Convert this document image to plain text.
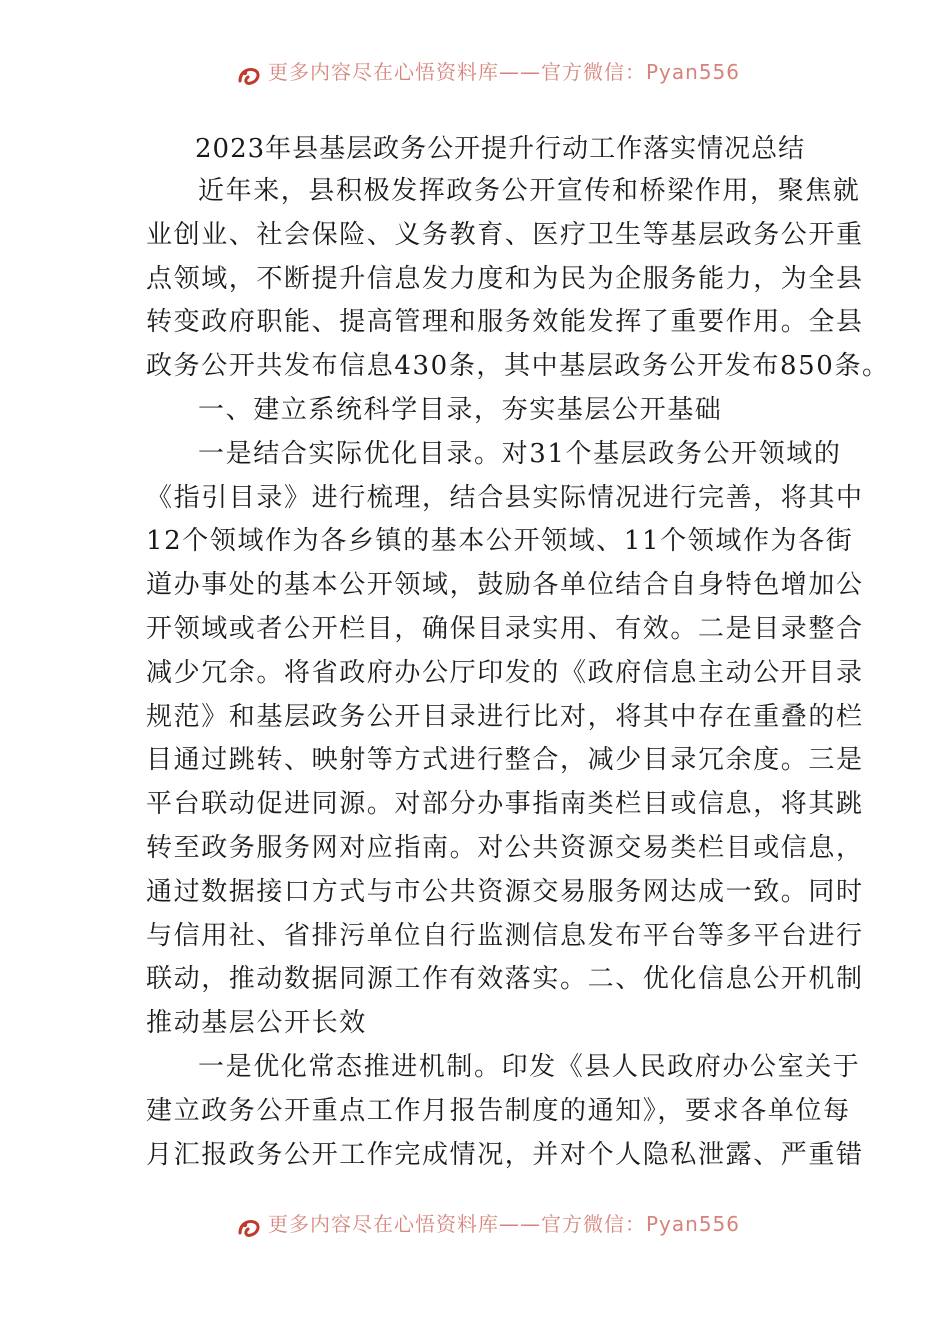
更多内容尽在心悟资料库——官方微信：Pyan556
2023年县基层政务公开提升行动工作落实情况总结
近年来，县积极发挥政务公开宣传和桥梁作用，聚焦就
业创业、社会保险、义务教育、医疗卫生等基层政务公开重
点领域，不断提升信息发力度和为民为企服务能力，为全县
转变政府职能、提高管理和服务效能发挥了重要作用。全县
政务公开共发布信息430条，其中基层政务公开发布850条。
一、建立系统科学目录，夯实基层公开基础
一是结合实际优化目录。对31个基层政务公开领域的
《指引目录》进行梳理，结合县实际情况进行完善，将其中
12个领域作为各乡镇的基本公开领域、11个领域作为各街
道办事处的基本公开领域，鼓励各单位结合自身特色增加公
开领域或者公开栏目，确保目录实用、有效。二是目录整合
减少冗余。将省政府办公厅印发的《政府信息主动公开目录
规范》和基层政务公开目录进行比对，将其中存在重叠的栏
目通过跳转、映射等方式进行整合，减少目录冗余度。三是
平台联动促进同源。对部分办事指南类栏目或信息，将其跳
转至政务服务网对应指南。对公共资源交易类栏目或信息，
通过数据接口方式与市公共资源交易服务网达成一致。同时
与信用社、省排污单位自行监测信息发布平台等多平台进行
联动，推动数据同源工作有效落实。二、优化信息公开机制
推动基层公开长效
一是优化常态推进机制。印发《县人民政府办公室关于
建立政务公开重点工作月报告制度的通知》，要求各单位每
月汇报政务公开工作完成情况，并对个人隐私泄露、严重错
更多内容尽在心悟资料库——官方微信：Pyan556
